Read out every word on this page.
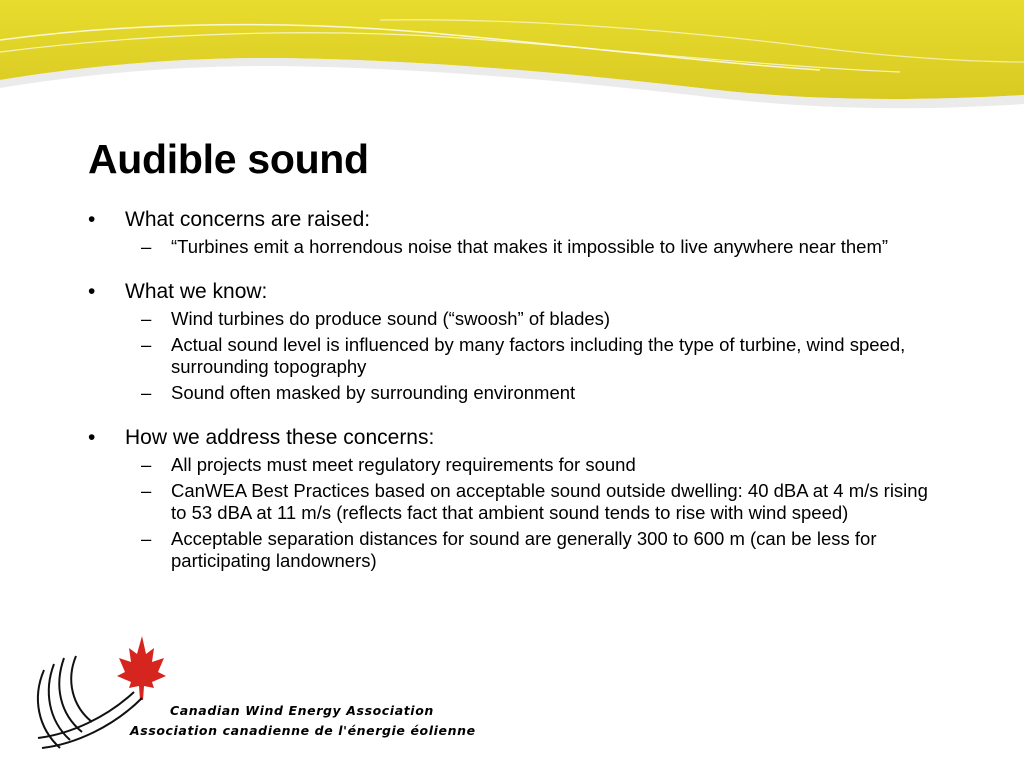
Audible sound
• What concerns are raised:
– “Turbines emit a horrendous noise that makes it impossible to live anywhere near them”
• What we know:
– Wind turbines do produce sound (“swoosh” of blades)
– Actual sound level is influenced by many factors including the type of turbine, wind speed, surrounding topography
– Sound often masked by surrounding environment
• How we address these concerns:
– All projects must meet regulatory requirements for sound
– CanWEA Best Practices based on acceptable sound outside dwelling: 40 dBA at 4 m/s rising to 53 dBA at 11 m/s (reflects fact that ambient sound tends to rise with wind speed)
– Acceptable separation distances for sound are generally 300 to 600 m (can be less for participating landowners)
Canadian Wind Energy Association
Association canadienne de l'énergie éolienne
